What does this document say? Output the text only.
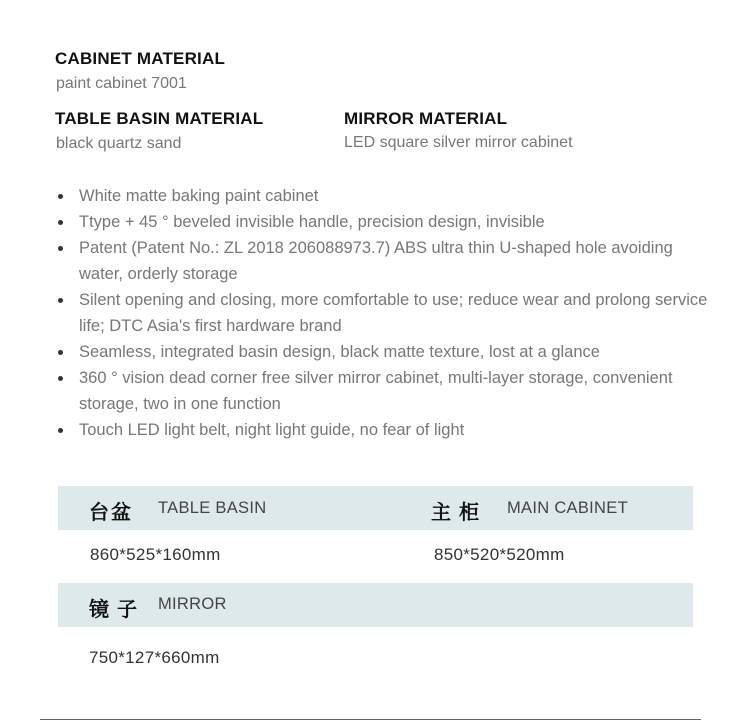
CABINET MATERIAL
paint cabinet 7001
TABLE BASIN MATERIAL
black quartz sand
MIRROR MATERIAL
LED square silver mirror cabinet
White matte baking paint cabinet
Ttype + 45 ° beveled invisible handle, precision design, invisible
Patent (Patent No.: ZL 2018 206088973.7) ABS ultra thin U-shaped hole avoiding water, orderly storage
Silent opening and closing, more comfortable to use; reduce wear and prolong service life; DTC Asia's first hardware brand
Seamless, integrated basin design, black matte texture, lost at a glance
360 ° vision dead corner free silver mirror cabinet, multi-layer storage, convenient storage, two in one function
Touch LED light belt, night light guide, no fear of light
台盆 TABLE BASIN	主柜 MAIN CABINET
860*525*160mm	850*520*520mm
镜子 MIRROR
750*127*660mm
